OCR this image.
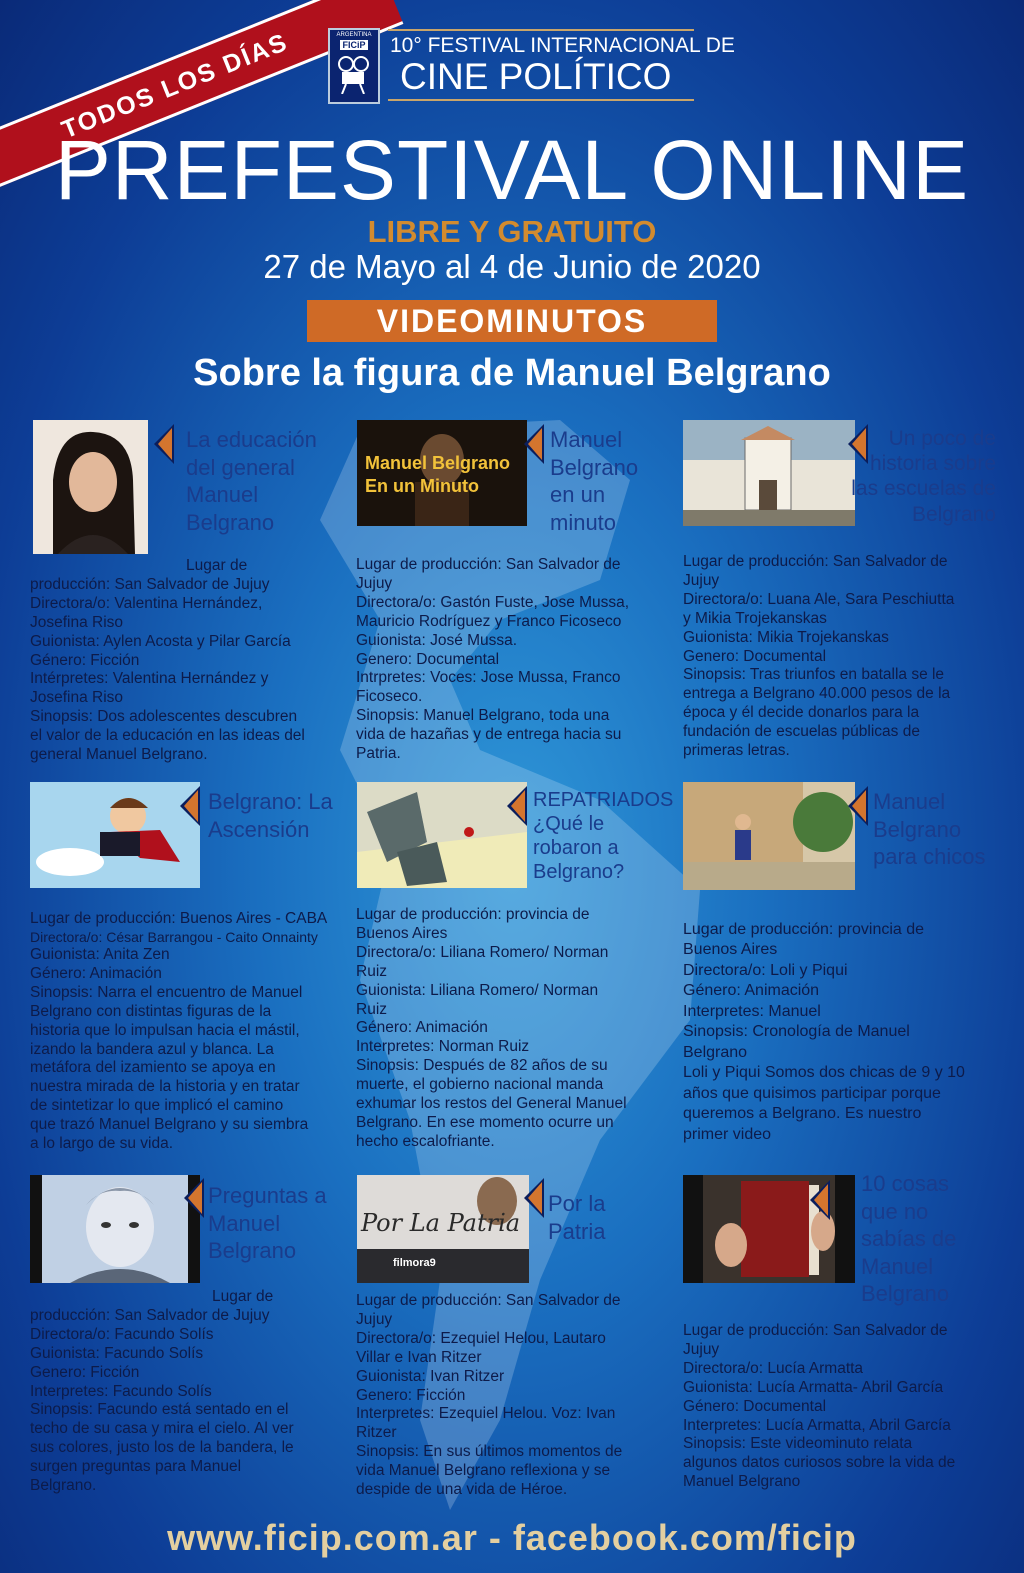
TODOS LOS DÍAS	ARGENTINA
FICiP 10° FESTIVAL INTERNACIONAL DE
CINE POLÍTICO
PREFESTIVAL ONLINE
LIBRE Y GRATUITO
27 de Mayo al 4 de Junio de 2020
VIDEOMINUTOS
Sobre la figura de Manuel Belgrano
La educación del general Manuel Belgrano
Lugar de
producción: San Salvador de Jujuy
Directora/o: Valentina Hernández,
Josefina Riso
Guionista: Aylen Acosta y Pilar García
Género: Ficción
Intérpretes: Valentina Hernández y
Josefina Riso
Sinopsis: Dos adolescentes descubren
el valor de la educación en las ideas del
general Manuel Belgrano.
Manuel Belgrano En un Minuto
Manuel Belgrano en un minuto
Lugar de producción: San Salvador de
Jujuy
Directora/o: Gastón Fuste, Jose Mussa,
Mauricio Rodríguez y Franco Ficoseco
Guionista: José Mussa.
Genero: Documental
Intrpretes: Voces: Jose Mussa, Franco
Ficoseco.
Sinopsis: Manuel Belgrano, toda una
vida de hazañas y de entrega hacia su
Patria.
Un poco de historia sobre las escuelas de Belgrano
Lugar de producción: San Salvador de
Jujuy
Directora/o: Luana Ale, Sara Peschiutta
y Mikia Trojekanskas
Guionista: Mikia Trojekanskas
Genero: Documental
Sinopsis: Tras triunfos en batalla se le
entrega a Belgrano 40.000 pesos de la
época y él decide donarlos para la
fundación de escuelas públicas de
primeras letras.
Belgrano: La Ascensión
Lugar de producción: Buenos Aires - CABA
Directora/o: César Barrangou - Caito Onnainty
Guionista: Anita Zen
Género: Animación
Sinopsis: Narra el encuentro de Manuel
Belgrano con distintas figuras de la
historia que lo impulsan hacia el mástil,
izando la bandera azul y blanca. La
metáfora del izamiento se apoya en
nuestra mirada de la historia y en tratar
de sintetizar lo que implicó el camino
que trazó Manuel Belgrano y su siembra
a lo largo de su vida.
REPATRIADOS ¿Qué le robaron a Belgrano?
Lugar de producción: provincia de
Buenos Aires
Directora/o: Liliana Romero/ Norman
Ruiz
Guionista: Liliana Romero/ Norman
Ruiz
Género: Animación
Interpretes: Norman Ruiz
Sinopsis: Después de 82 años de su
muerte, el gobierno nacional manda
exhumar los restos del General Manuel
Belgrano. En ese momento ocurre un
hecho escalofriante.
Manuel Belgrano para chicos
Lugar de producción: provincia de
Buenos Aires
Directora/o: Loli y Piqui
Género: Animación
Interpretes: Manuel
Sinopsis: Cronología de Manuel
Belgrano
Loli y Piqui Somos dos chicas de 9 y 10
años que quisimos participar porque
queremos a Belgrano. Es nuestro
primer video
Preguntas a Manuel Belgrano
Lugar de
producción: San Salvador de Jujuy
Directora/o: Facundo Solís
Guionista: Facundo Solís
Genero: Ficción
Interpretes: Facundo Solís
Sinopsis: Facundo está sentado en el
techo de su casa y mira el cielo. Al ver
sus colores, justo los de la bandera, le
surgen preguntas para Manuel
Belgrano.
Por La Patria
filmora9
Por la Patria
Lugar de producción: San Salvador de
Jujuy
Directora/o: Ezequiel Helou, Lautaro
Villar e Ivan Ritzer
Guionista: Ivan Ritzer
Genero: Ficción
Interpretes: Ezequiel Helou. Voz: Ivan
Ritzer
Sinopsis: En sus últimos momentos de
vida Manuel Belgrano reflexiona y se
despide de una vida de Héroe.
10 cosas que no sabías de Manuel Belgrano
Lugar de producción: San Salvador de
Jujuy
Directora/o: Lucía Armatta
Guionista: Lucía Armatta- Abril García
Género: Documental
Interpretes: Lucía Armatta, Abril García
Sinopsis: Este videominuto relata
algunos datos curiosos sobre la vida de
Manuel Belgrano
www.ficip.com.ar - facebook.com/ficip
